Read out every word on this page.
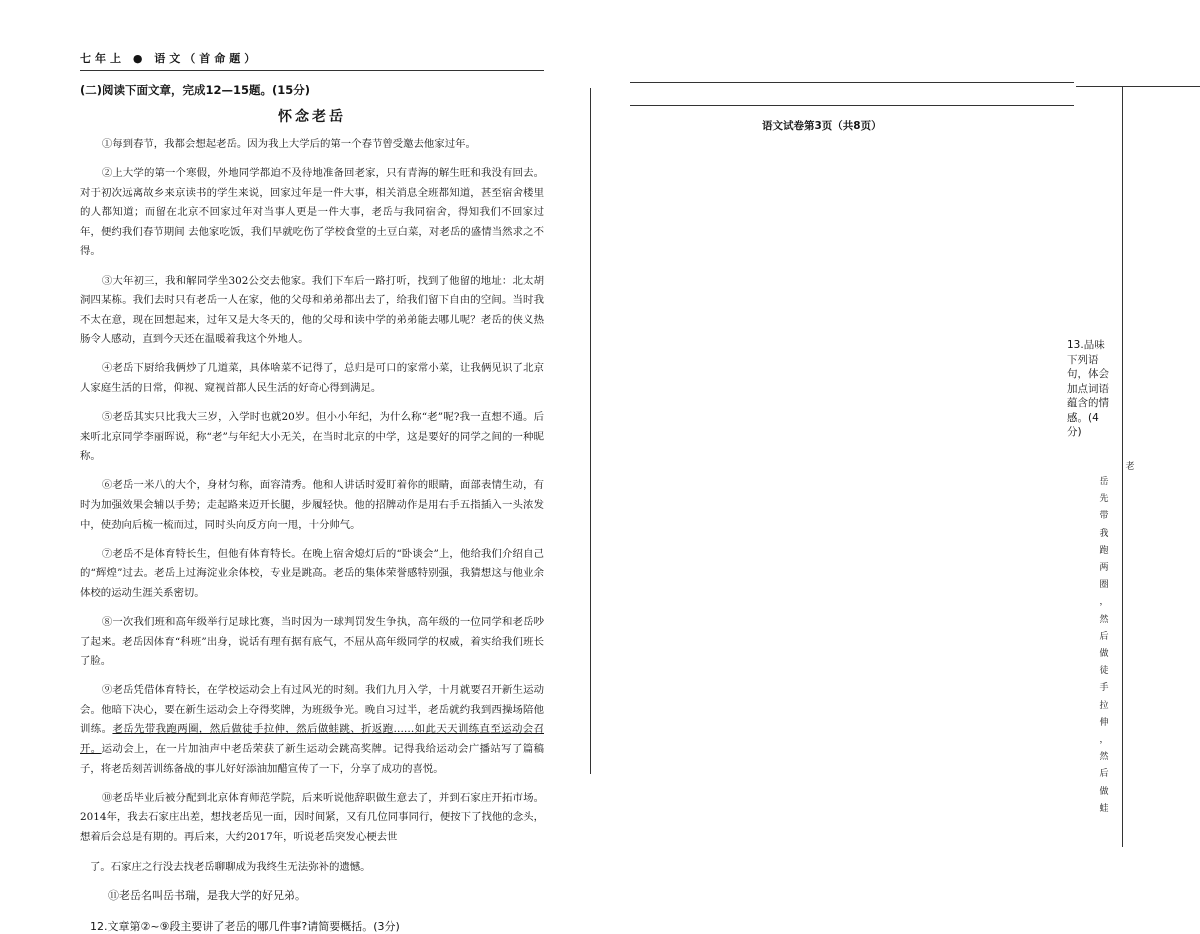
七年上 ● 语文（首命题）
(二)阅读下面文章，完成12—15题。(15分)
怀念老岳

①每到春节，我都会想起老岳。因为我上大学后的第一个春节曾受邀去他家过年。

②上大学的第一个寒假，外地同学都迫不及待地准备回老家，只有青海的解生旺和我没有回去。对于初次远离故乡来京读书的学生来说，回家过年是一件大事，相关消息全班都知道，甚至宿舍楼里的人都知道；而留在北京不回家过年对当事人更是一件大事，老岳与我同宿舍，得知我们不回家过年，便约我们春节期间 去他家吃饭，我们早就吃伤了学校食堂的土豆白菜，对老岳的盛情当然求之不得。

③大年初三，我和解同学坐302公交去他家。我们下车后一路打听，找到了他留的地址：北太胡洞四某栋。我们去时只有老岳一人在家，他的父母和弟弟都出去了，给我们留下自由的空间。当时我不太在意，现在回想起来，过年又是大冬天的，他的父母和读中学的弟弟能去哪儿呢？老岳的侠义热肠令人感动，直到今天还在温暖着我这个外地人。

④老岳下厨给我俩炒了几道菜，具体啥菜不记得了，总归是可口的家常小菜，让我俩见识了北京人家庭生活的日常，仰视、窥视首都人民生活的好奇心得到满足。

⑤老岳其实只比我大三岁，入学时也就20岁。但小小年纪，为什么称“老”呢?我一直想不通。后来听北京同学李丽晖说，称“老”与年纪大小无关，在当时北京的中学，这是要好的同学之间的一种昵称。

⑥老岳一米八的大个，身材匀称，面容清秀。他和人讲话时爱盯着你的眼睛，面部表情生动，有时为加强效果会辅以手势；走起路来迈开长腿，步履轻快。他的招牌动作是用右手五指插入一头浓发中，使劲向后梳一梳而过，同时头向反方向一甩，十分帅气。

⑦老岳不是体育特长生，但他有体育特长。在晚上宿舍熄灯后的“卧谈会”上，他给我们介绍自己的“辉煌”过去。老岳上过海淀业余体校，专业是跳高。老岳的集体荣誉感特别强，我猜想这与他业余体校的运动生涯关系密切。

⑧一次我们班和高年级举行足球比赛，当时因为一球判罚发生争执，高年级的一位同学和老岳吵了起来。老岳因体育“科班”出身，说话有理有据有底气，不屈从高年级同学的权威，着实给我们班长了脸。

⑨老岳凭借体育特长，在学校运动会上有过风光的时刻。我们九月入学，十月就要召开新生运动会。他暗下决心，要在新生运动会上夺得奖牌，为班级争光。晚自习过半，老岳就约我到西操场陪他训练。老岳先带我跑两圈，然后做徒手拉伸，然后做蛙跳、折返跑……如此天天训练直至运动会召开。运动会上，在一片加油声中老岳荣获了新生运动会跳高奖牌。记得我给运动会广播站写了篇稿子，将老岳刻苦训练备战的事儿好好添油加醋宣传了一下，分享了成功的喜悦。

⑩老岳毕业后被分配到北京体育师范学院，后来听说他辞职做生意去了，并到石家庄开拓市场。2014年，我去石家庄出差，想找老岳见一面，因时间紧，又有几位同事同行，便按下了找他的念头，想着后会总是有期的。再后来，大约2017年，听说老岳突发心梗去世

了。石家庄之行没去找老岳聊聊成为我终生无法弥补的遗憾。
⑪老岳名叫岳书瑞，是我大学的好兄弟。
12.文章第②~⑨段主要讲了老岳的哪几件事?请简要概括。(3分)
语文试卷第3页（共8页）
13.品味下列语句，体会加点词语蕴含的情感。(4分)
老
岳
先
带
我
跑
两
圈
，
然
后
做
徒
手
拉
伸
，
然
后
做
蛙
